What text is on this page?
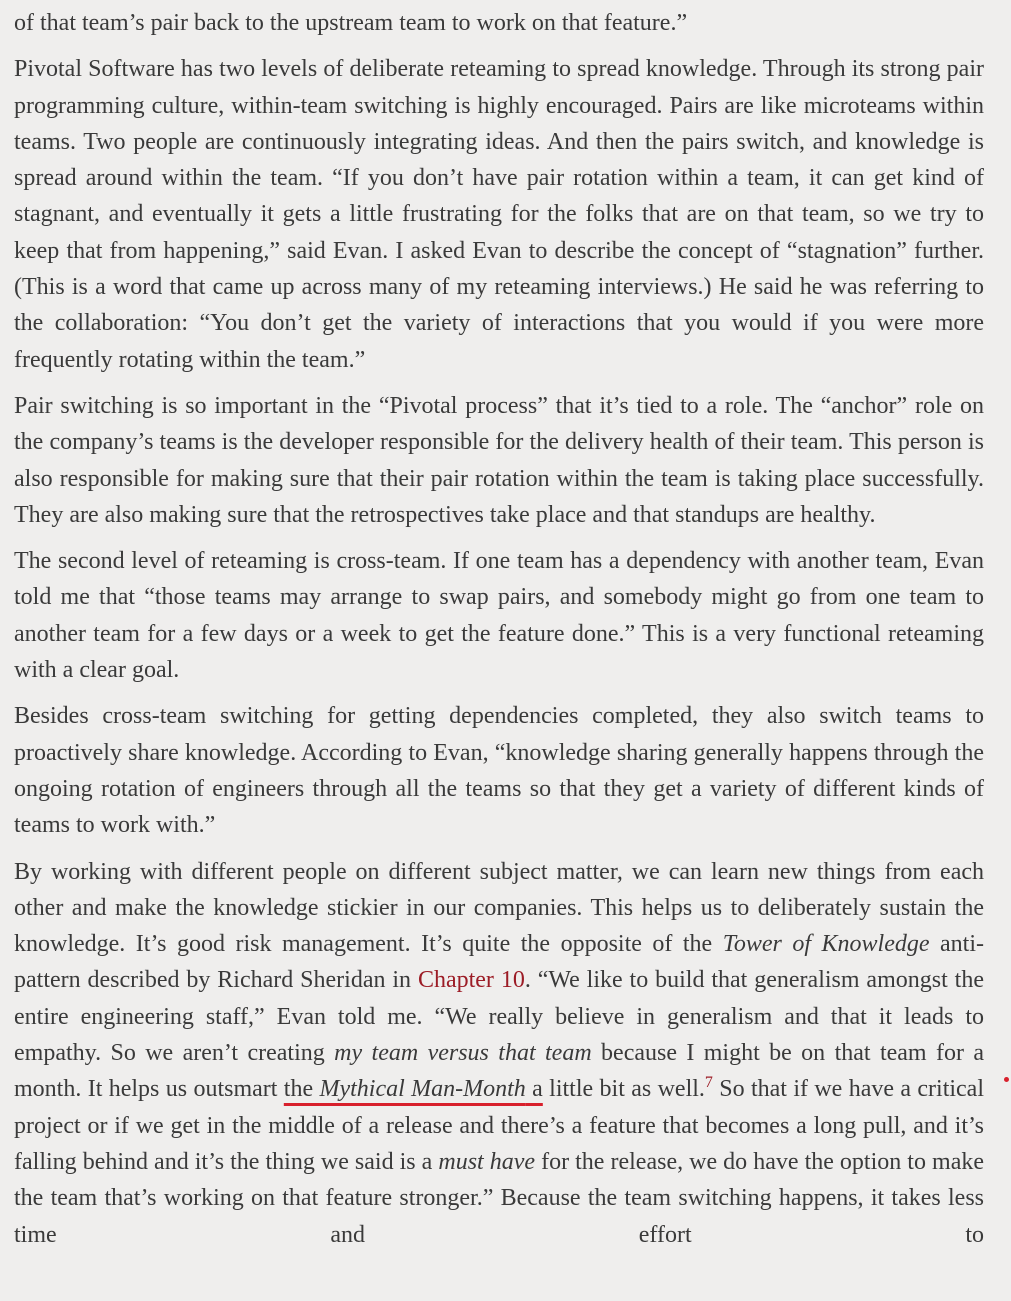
of that team’s pair back to the upstream team to work on that feature.”

Pivotal Software has two levels of deliberate reteaming to spread knowledge. Through its strong pair programming culture, within-team switching is highly encouraged. Pairs are like microteams within teams. Two people are continuously integrating ideas. And then the pairs switch, and knowledge is spread around within the team. “If you don’t have pair rotation within a team, it can get kind of stagnant, and eventually it gets a little frustrating for the folks that are on that team, so we try to keep that from happening,” said Evan. I asked Evan to describe the concept of “stagnation” further. (This is a word that came up across many of my reteaming interviews.) He said he was referring to the collaboration: “You don’t get the variety of interactions that you would if you were more frequently rotating within the team.”

Pair switching is so important in the “Pivotal process” that it’s tied to a role. The “anchor” role on the company’s teams is the developer responsible for the delivery health of their team. This person is also responsible for making sure that their pair rotation within the team is taking place successfully. They are also making sure that the retrospectives take place and that standups are healthy.

The second level of reteaming is cross-team. If one team has a dependency with another team, Evan told me that “those teams may arrange to swap pairs, and somebody might go from one team to another team for a few days or a week to get the feature done.” This is a very functional reteaming with a clear goal.

Besides cross-team switching for getting dependencies completed, they also switch teams to proactively share knowledge. According to Evan, “knowledge sharing generally happens through the ongoing rotation of engineers through all the teams so that they get a variety of different kinds of teams to work with.”

By working with different people on different subject matter, we can learn new things from each other and make the knowledge stickier in our companies. This helps us to deliberately sustain the knowledge. It’s good risk management. It’s quite the opposite of the Tower of Knowledge anti-pattern described by Richard Sheridan in Chapter 10. “We like to build that generalism amongst the entire engineering staff,” Evan told me. “We really believe in generalism and that it leads to empathy. So we aren’t creating my team versus that team because I might be on that team for a month. It helps us outsmart the Mythical Man-Month a little bit as well.$^7$ So that if we have a critical project or if we get in the middle of a release and there’s a feature that becomes a long pull, and it’s falling behind and it’s the thing we said is a must have for the release, we do have the option to make the team that’s working on that feature stronger.” Because the team switching happens, it takes less time and effort to
